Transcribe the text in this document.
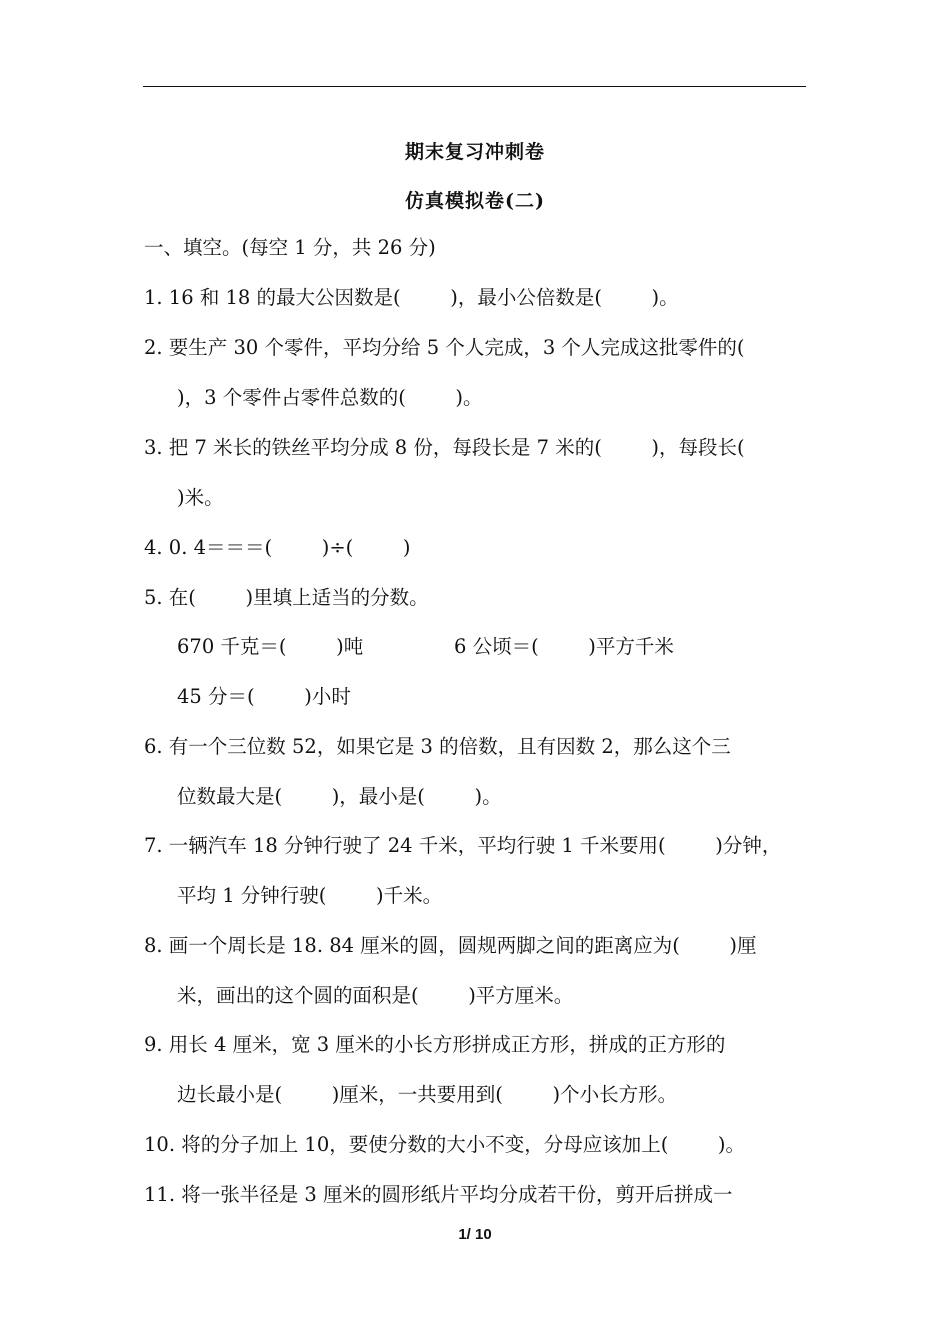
期末复习冲刺卷
仿真模拟卷(二)
一、填空。(每空 1 分，共 26 分)
1. 16 和 18 的最大公因数是(        )，最小公倍数是(        )。
2. 要生产 30 个零件，平均分给 5 个人完成，3 个人完成这批零件的(
)，3 个零件占零件总数的(        )。
3. 把 7 米长的铁丝平均分成 8 份，每段长是 7 米的(        )，每段长(
)米。
4. 0. 4＝＝＝(        )÷(        )
5. 在(        )里填上适当的分数。
670 千克＝(        )吨	6 公顷＝(        )平方千米
45 分＝(        )小时
6. 有一个三位数 52，如果它是 3 的倍数，且有因数 2，那么这个三
位数最大是(        )，最小是(        )。
7. 一辆汽车 18 分钟行驶了 24 千米，平均行驶 1 千米要用(        )分钟，
平均 1 分钟行驶(        )千米。
8. 画一个周长是 18. 84 厘米的圆，圆规两脚之间的距离应为(        )厘
米，画出的这个圆的面积是(        )平方厘米。
9. 用长 4 厘米，宽 3 厘米的小长方形拼成正方形，拼成的正方形的
边长最小是(        )厘米，一共要用到(        )个小长方形。
10. 将的分子加上 10，要使分数的大小不变，分母应该加上(        )。
11. 将一张半径是 3 厘米的圆形纸片平均分成若干份，剪开后拼成一
1/ 10
